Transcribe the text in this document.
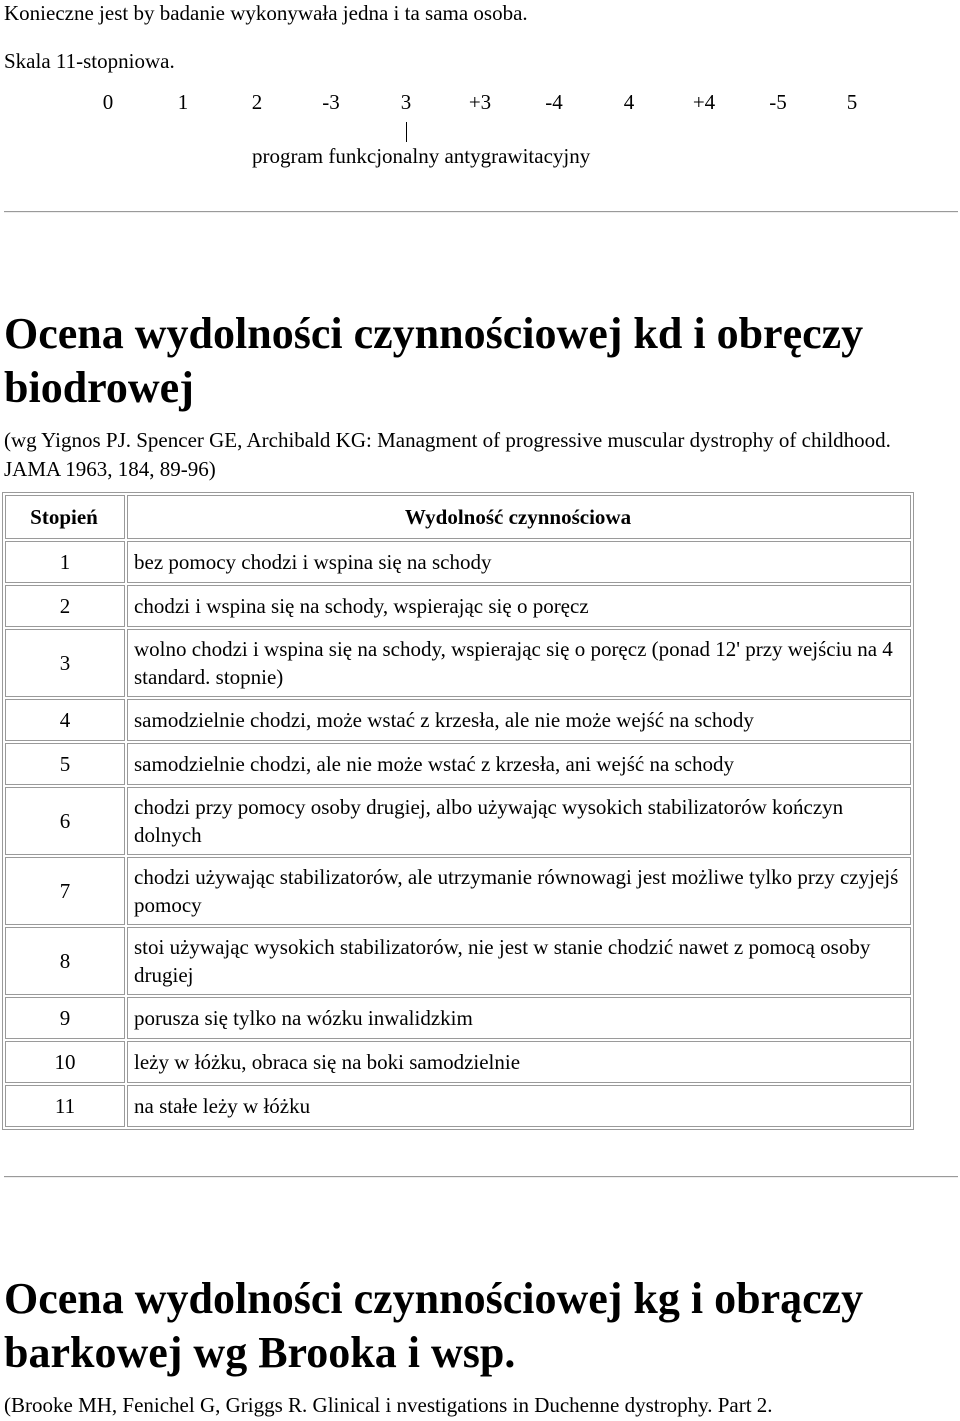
Konieczne jest by badanie wykonywała jedna i ta sama osoba.
Skala 11-stopniowa.
0	1	2	-3	3	+3	-4	4	+4	-5	5
program funkcjonalny antygrawitacyjny
Ocena wydolności czynnościowej kd i obręczy biodrowej
(wg Yignos PJ. Spencer GE, Archibald KG: Managment of progressive muscular dystrophy of childhood. JAMA 1963, 184, 89-96)
Stopień	Wydolność czynnościowa
1	bez pomocy chodzi i wspina się na schody
2	chodzi i wspina się na schody, wspierając się o poręcz
3	wolno chodzi i wspina się na schody, wspierając się o poręcz (ponad 12' przy wejściu na 4 standard. stopnie)
4	samodzielnie chodzi, może wstać z krzesła, ale nie może wejść na schody
5	samodzielnie chodzi, ale nie może wstać z krzesła, ani wejść na schody
6	chodzi przy pomocy osoby drugiej, albo używając wysokich stabilizatorów kończyn dolnych
7	chodzi używając stabilizatorów, ale utrzymanie równowagi jest możliwe tylko przy czyjejś pomocy
8	stoi używając wysokich stabilizatorów, nie jest w stanie chodzić nawet z pomocą osoby drugiej
9	porusza się tylko na wózku inwalidzkim
10	leży w łóżku, obraca się na boki samodzielnie
11	na stałe leży w łóżku
Ocena wydolności czynnościowej kg i obrączy barkowej wg Brooka i wsp.
(Brooke MH, Fenichel G, Griggs R. Glinical i nvestigations in Duchenne dystrophy. Part 2.
